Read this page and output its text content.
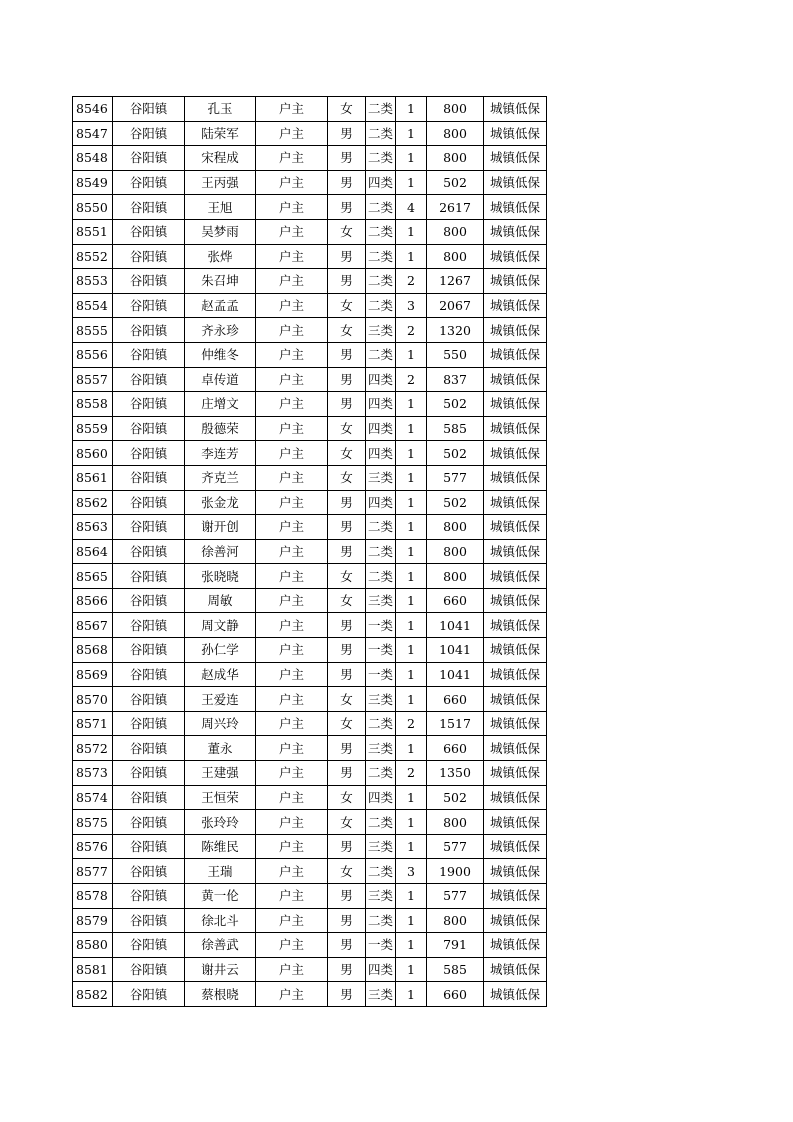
8546	谷阳镇	孔玉	户主	女	二类	1	800	城镇低保
8547	谷阳镇	陆荣军	户主	男	二类	1	800	城镇低保
8548	谷阳镇	宋程成	户主	男	二类	1	800	城镇低保
8549	谷阳镇	王丙强	户主	男	四类	1	502	城镇低保
8550	谷阳镇	王旭	户主	男	二类	4	2617	城镇低保
8551	谷阳镇	吴梦雨	户主	女	二类	1	800	城镇低保
8552	谷阳镇	张烨	户主	男	二类	1	800	城镇低保
8553	谷阳镇	朱召坤	户主	男	二类	2	1267	城镇低保
8554	谷阳镇	赵孟孟	户主	女	二类	3	2067	城镇低保
8555	谷阳镇	齐永珍	户主	女	三类	2	1320	城镇低保
8556	谷阳镇	仲维冬	户主	男	二类	1	550	城镇低保
8557	谷阳镇	卓传道	户主	男	四类	2	837	城镇低保
8558	谷阳镇	庄增文	户主	男	四类	1	502	城镇低保
8559	谷阳镇	殷德荣	户主	女	四类	1	585	城镇低保
8560	谷阳镇	李连芳	户主	女	四类	1	502	城镇低保
8561	谷阳镇	齐克兰	户主	女	三类	1	577	城镇低保
8562	谷阳镇	张金龙	户主	男	四类	1	502	城镇低保
8563	谷阳镇	谢开创	户主	男	二类	1	800	城镇低保
8564	谷阳镇	徐善河	户主	男	二类	1	800	城镇低保
8565	谷阳镇	张晓晓	户主	女	二类	1	800	城镇低保
8566	谷阳镇	周敏	户主	女	三类	1	660	城镇低保
8567	谷阳镇	周文静	户主	男	一类	1	1041	城镇低保
8568	谷阳镇	孙仁学	户主	男	一类	1	1041	城镇低保
8569	谷阳镇	赵成华	户主	男	一类	1	1041	城镇低保
8570	谷阳镇	王爱连	户主	女	三类	1	660	城镇低保
8571	谷阳镇	周兴玲	户主	女	二类	2	1517	城镇低保
8572	谷阳镇	董永	户主	男	三类	1	660	城镇低保
8573	谷阳镇	王建强	户主	男	二类	2	1350	城镇低保
8574	谷阳镇	王恒荣	户主	女	四类	1	502	城镇低保
8575	谷阳镇	张玲玲	户主	女	二类	1	800	城镇低保
8576	谷阳镇	陈维民	户主	男	三类	1	577	城镇低保
8577	谷阳镇	王瑞	户主	女	二类	3	1900	城镇低保
8578	谷阳镇	黄一伦	户主	男	三类	1	577	城镇低保
8579	谷阳镇	徐北斗	户主	男	二类	1	800	城镇低保
8580	谷阳镇	徐善武	户主	男	一类	1	791	城镇低保
8581	谷阳镇	谢井云	户主	男	四类	1	585	城镇低保
8582	谷阳镇	蔡根晓	户主	男	三类	1	660	城镇低保
